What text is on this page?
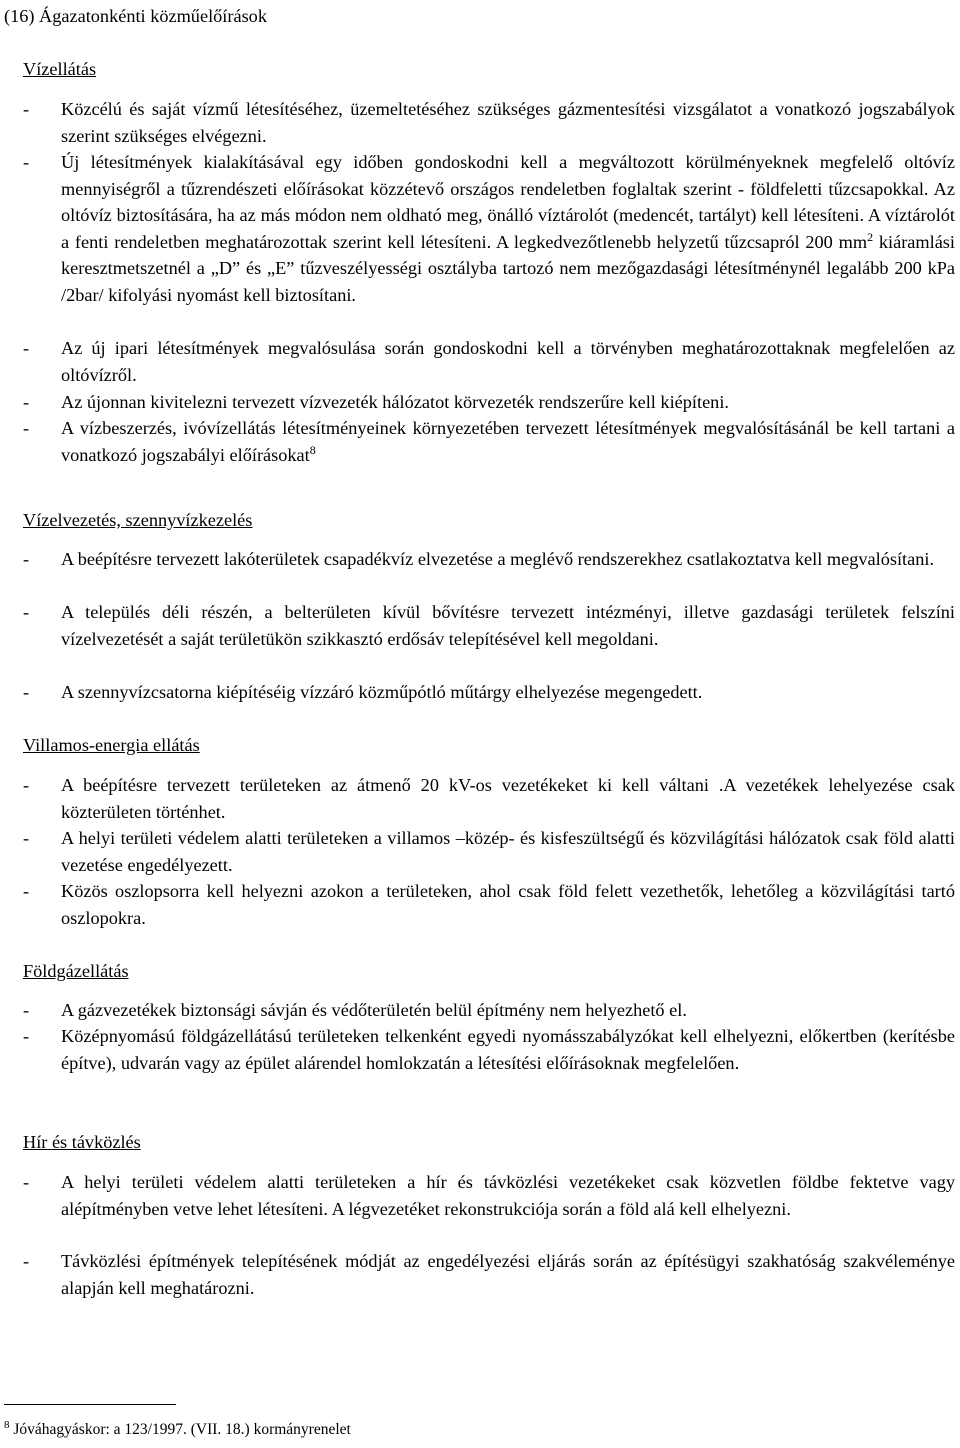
(16) Ágazatonkénti közműelőírások
Vízellátás
- Közcélú és saját vízmű létesítéséhez, üzemeltetéséhez szükséges gázmentesítési vizsgálatot a vonatkozó jogszabályok szerint szükséges elvégezni.
- Új létesítmények kialakításával egy időben gondoskodni kell a megváltozott körülményeknek megfelelő oltóvíz mennyiségről a tűzrendészeti előírásokat közzétevő országos rendeletben foglaltak szerint - földfeletti tűzcsapokkal. Az oltóvíz biztosítására, ha az más módon nem oldható meg, önálló víztárolót (medencét, tartályt) kell létesíteni. A víztárolót a fenti rendeletben meghatározottak szerint kell létesíteni. A legkedvezőtlenebb helyzetű tűzcsapról 200 $mm^2$ kiáramlási keresztmetszetnél a „D” és „E” tűzveszélyességi osztályba tartozó nem mezőgazdasági létesítménynél legalább 200 kPa /2bar/ kifolyási nyomást kell biztosítani.
- Az új ipari létesítmények megvalósulása során gondoskodni kell a törvényben meghatározottaknak megfelelően az oltóvízről.
- Az újonnan kivitelezni tervezett vízvezeték hálózatot körvezeték rendszerűre kell kiépíteni.
- A vízbeszerzés, ivóvízellátás létesítményeinek környezetében tervezett létesítmények megvalósításánál be kell tartani a vonatkozó jogszabályi előírásokat$^8$
Vízelvezetés, szennyvízkezelés
- A beépítésre tervezett lakóterületek csapadékvíz elvezetése a meglévő rendszerekhez csatlakoztatva kell megvalósítani.
- A település déli részén, a belterületen kívül bővítésre tervezett intézményi, illetve gazdasági területek felszíni vízelvezetését a saját területükön szikkasztó erdősáv telepítésével kell megoldani.
- A szennyvízcsatorna kiépítéséig vízzáró közműpótló műtárgy elhelyezése megengedett.
Villamos-energia ellátás
- A beépítésre tervezett területeken az átmenő 20 kV-os vezetékeket ki kell váltani .A vezetékek lehelyezése csak közterületen történhet.
- A helyi területi védelem alatti területeken a villamos –közép- és kisfeszültségű és közvilágítási hálózatok csak föld alatti vezetése engedélyezett.
- Közös oszlopsorra kell helyezni azokon a területeken, ahol csak föld felett vezethetők, lehetőleg a közvilágítási tartó oszlopokra.
Földgázellátás
- A gázvezetékek biztonsági sávján és védőterületén belül építmény nem helyezhető el.
- Középnyomású földgázellátású területeken telkenként egyedi nyomásszabályzókat kell elhelyezni, előkertben (kerítésbe építve), udvarán vagy az épület alárendel homlokzatán a létesítési előírásoknak megfelelően.
Hír és távközlés
- A helyi területi védelem alatti területeken a hír és távközlési vezetékeket csak közvetlen földbe fektetve vagy alépítményben vetve lehet létesíteni. A légvezetéket rekonstrukciója során a föld alá kell elhelyezni.
- Távközlési építmények telepítésének módját az engedélyezési eljárás során az építésügyi szakhatóság szakvéleménye alapján kell meghatározni.
$^8$ Jóváhagyáskor: a 123/1997. (VII. 18.) kormányrenelet
